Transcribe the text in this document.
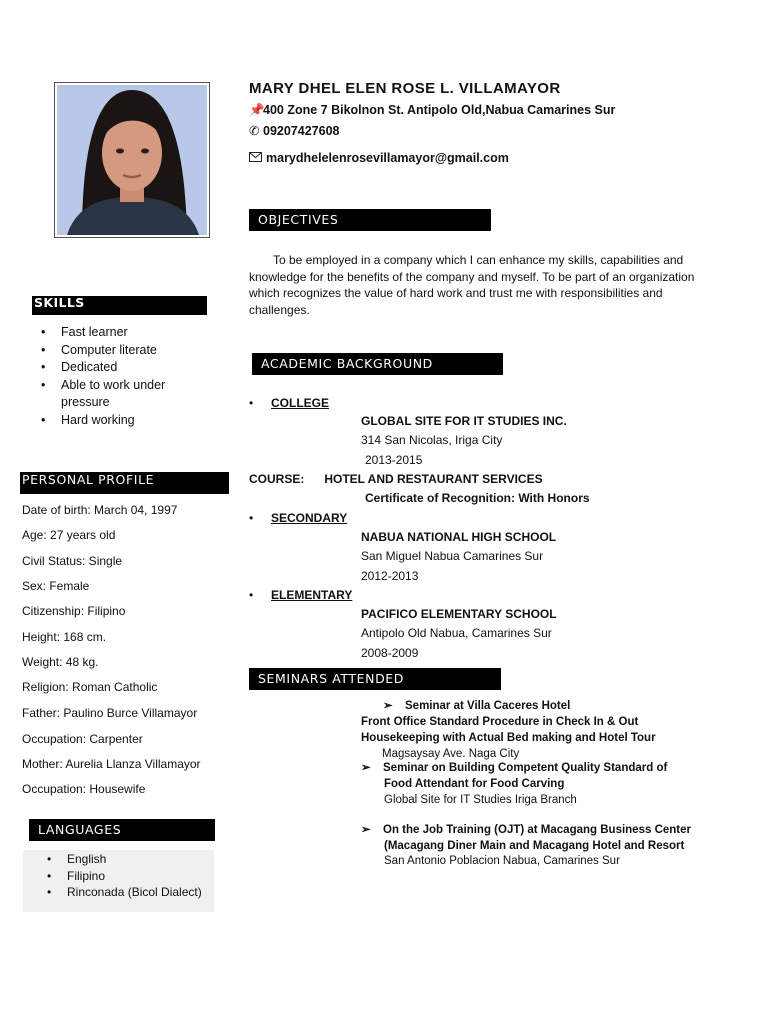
MARY DHEL ELEN ROSE L. VILLAMAYOR
📌400 Zone 7 Bikolnon St. Antipolo Old,Nabua Camarines Sur
✆ 09207427608
marydhelelenrosevillamayor@gmail.com
SKILLS
• Fast learner
• Computer literate
• Dedicated
• Able to work under
pressure
• Hard working
PERSONAL PROFILE
Date of birth: March 04, 1997
Age: 27 years old
Civil Status: Single
Sex: Female
Citizenship: Filipino
Height: 168 cm.
Weight: 48 kg.
Religion: Roman Catholic
Father: Paulino Burce Villamayor
Occupation: Carpenter
Mother: Aurelia Llanza Villamayor
Occupation: Housewife
LANGUAGES
• English
• Filipino
• Rinconada (Bicol Dialect)
OBJECTIVES
To be employed in a company which I can enhance my skills, capabilities and knowledge for the benefits of the company and myself. To be part of an organization which recognizes the value of hard work and trust me with responsibilities and challenges.
ACADEMIC BACKGROUND
• COLLEGE
GLOBAL SITE FOR IT STUDIES INC.
314 San Nicolas, Iriga City
2013-2015
COURSE: HOTEL AND RESTAURANT SERVICES
Certificate of Recognition: With Honors
• SECONDARY
NABUA NATIONAL HIGH SCHOOL
San Miguel Nabua Camarines Sur
2012-2013
• ELEMENTARY
PACIFICO ELEMENTARY SCHOOL
Antipolo Old Nabua, Camarines Sur
2008-2009
SEMINARS ATTENDED
➢ Seminar at Villa Caceres Hotel
Front Office Standard Procedure in Check In & Out
Housekeeping with Actual Bed making and Hotel Tour
Magsaysay Ave. Naga City
➢ Seminar on Building Competent Quality Standard of
Food Attendant for Food Carving
Global Site for IT Studies Iriga Branch
➢ On the Job Training (OJT) at Macagang Business Center
(Macagang Diner Main and Macagang Hotel and Resort
San Antonio Poblacion Nabua, Camarines Sur
